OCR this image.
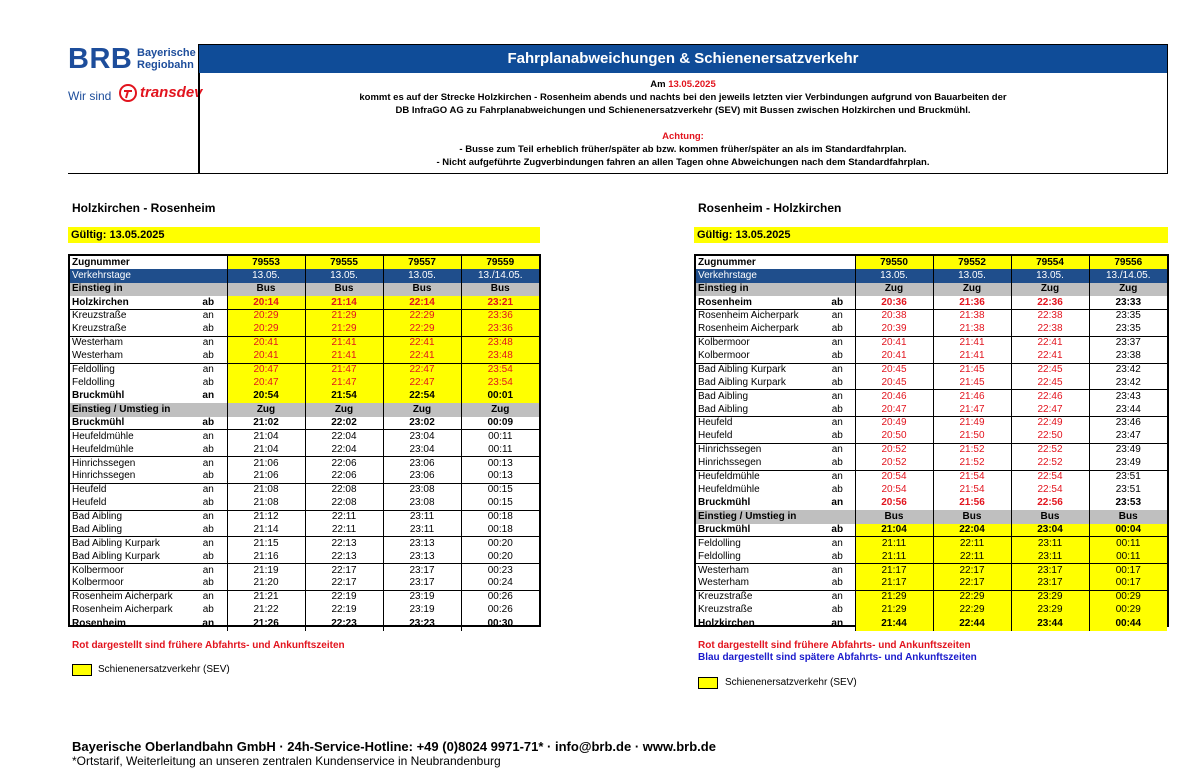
BRB Bayerische
Regiobahn
Wir sind transdev
Fahrplanabweichungen & Schienenersatzverkehr
Am 13.05.2025
kommt es auf der Strecke Holzkirchen - Rosenheim abends und nachts bei den jeweils letzten vier Verbindungen aufgrund von Bauarbeiten der
DB InfraGO AG zu Fahrplanabweichungen und Schienenersatzverkehr (SEV) mit Bussen zwischen Holzkirchen und Bruckmühl.
Achtung:
- Busse zum Teil erheblich früher/später ab bzw. kommen früher/später an als im Standardfahrplan.
- Nicht aufgeführte Zugverbindungen fahren an allen Tagen ohne Abweichungen nach dem Standardfahrplan.
Holzkirchen - Rosenheim
Gültig: 13.05.2025
Zugnummer		79553	79555	79557	79559
Verkehrstage		13.05.	13.05.	13.05.	13./14.05.
Einstieg in		Bus	Bus	Bus	Bus
Holzkirchen	ab	20:14	21:14	22:14	23:21
Kreuzstraße	an	20:29	21:29	22:29	23:36
Kreuzstraße	ab	20:29	21:29	22:29	23:36
Westerham	an	20:41	21:41	22:41	23:48
Westerham	ab	20:41	21:41	22:41	23:48
Feldolling	an	20:47	21:47	22:47	23:54
Feldolling	ab	20:47	21:47	22:47	23:54
Bruckmühl	an	20:54	21:54	22:54	00:01
Einstieg / Umstieg in		Zug	Zug	Zug	Zug
Bruckmühl	ab	21:02	22:02	23:02	00:09
Heufeldmühle	an	21:04	22:04	23:04	00:11
Heufeldmühle	ab	21:04	22:04	23:04	00:11
Hinrichssegen	an	21:06	22:06	23:06	00:13
Hinrichssegen	ab	21:06	22:06	23:06	00:13
Heufeld	an	21:08	22:08	23:08	00:15
Heufeld	ab	21:08	22:08	23:08	00:15
Bad Aibling	an	21:12	22:11	23:11	00:18
Bad Aibling	ab	21:14	22:11	23:11	00:18
Bad Aibling Kurpark	an	21:15	22:13	23:13	00:20
Bad Aibling Kurpark	ab	21:16	22:13	23:13	00:20
Kolbermoor	an	21:19	22:17	23:17	00:23
Kolbermoor	ab	21:20	22:17	23:17	00:24
Rosenheim Aicherpark	an	21:21	22:19	23:19	00:26
Rosenheim Aicherpark	ab	21:22	22:19	23:19	00:26
Rosenheim	an	21:26	22:23	23:23	00:30
Rosenheim - Holzkirchen
Gültig: 13.05.2025
Zugnummer		79550	79552	79554	79556
Verkehrstage		13.05.	13.05.	13.05.	13./14.05.
Einstieg in		Zug	Zug	Zug	Zug
Rosenheim	ab	20:36	21:36	22:36	23:33
Rosenheim Aicherpark	an	20:38	21:38	22:38	23:35
Rosenheim Aicherpark	ab	20:39	21:38	22:38	23:35
Kolbermoor	an	20:41	21:41	22:41	23:37
Kolbermoor	ab	20:41	21:41	22:41	23:38
Bad Aibling Kurpark	an	20:45	21:45	22:45	23:42
Bad Aibling Kurpark	ab	20:45	21:45	22:45	23:42
Bad Aibling	an	20:46	21:46	22:46	23:43
Bad Aibling	ab	20:47	21:47	22:47	23:44
Heufeld	an	20:49	21:49	22:49	23:46
Heufeld	ab	20:50	21:50	22:50	23:47
Hinrichssegen	an	20:52	21:52	22:52	23:49
Hinrichssegen	ab	20:52	21:52	22:52	23:49
Heufeldmühle	an	20:54	21:54	22:54	23:51
Heufeldmühle	ab	20:54	21:54	22:54	23:51
Bruckmühl	an	20:56	21:56	22:56	23:53
Einstieg / Umstieg in		Bus	Bus	Bus	Bus
Bruckmühl	ab	21:04	22:04	23:04	00:04
Feldolling	an	21:11	22:11	23:11	00:11
Feldolling	ab	21:11	22:11	23:11	00:11
Westerham	an	21:17	22:17	23:17	00:17
Westerham	ab	21:17	22:17	23:17	00:17
Kreuzstraße	an	21:29	22:29	23:29	00:29
Kreuzstraße	ab	21:29	22:29	23:29	00:29
Holzkirchen	an	21:44	22:44	23:44	00:44
Rot dargestellt sind frühere Abfahrts- und Ankunftszeiten
Schienenersatzverkehr (SEV)
Rot dargestellt sind frühere Abfahrts- und Ankunftszeiten
Blau dargestellt sind spätere Abfahrts- und Ankunftszeiten
Schienenersatzverkehr (SEV)
Bayerische Oberlandbahn GmbH · 24h-Service-Hotline: +49 (0)8024 9971-71* · info@brb.de · www.brb.de
*Ortstarif, Weiterleitung an unseren zentralen Kundenservice in Neubrandenburg
